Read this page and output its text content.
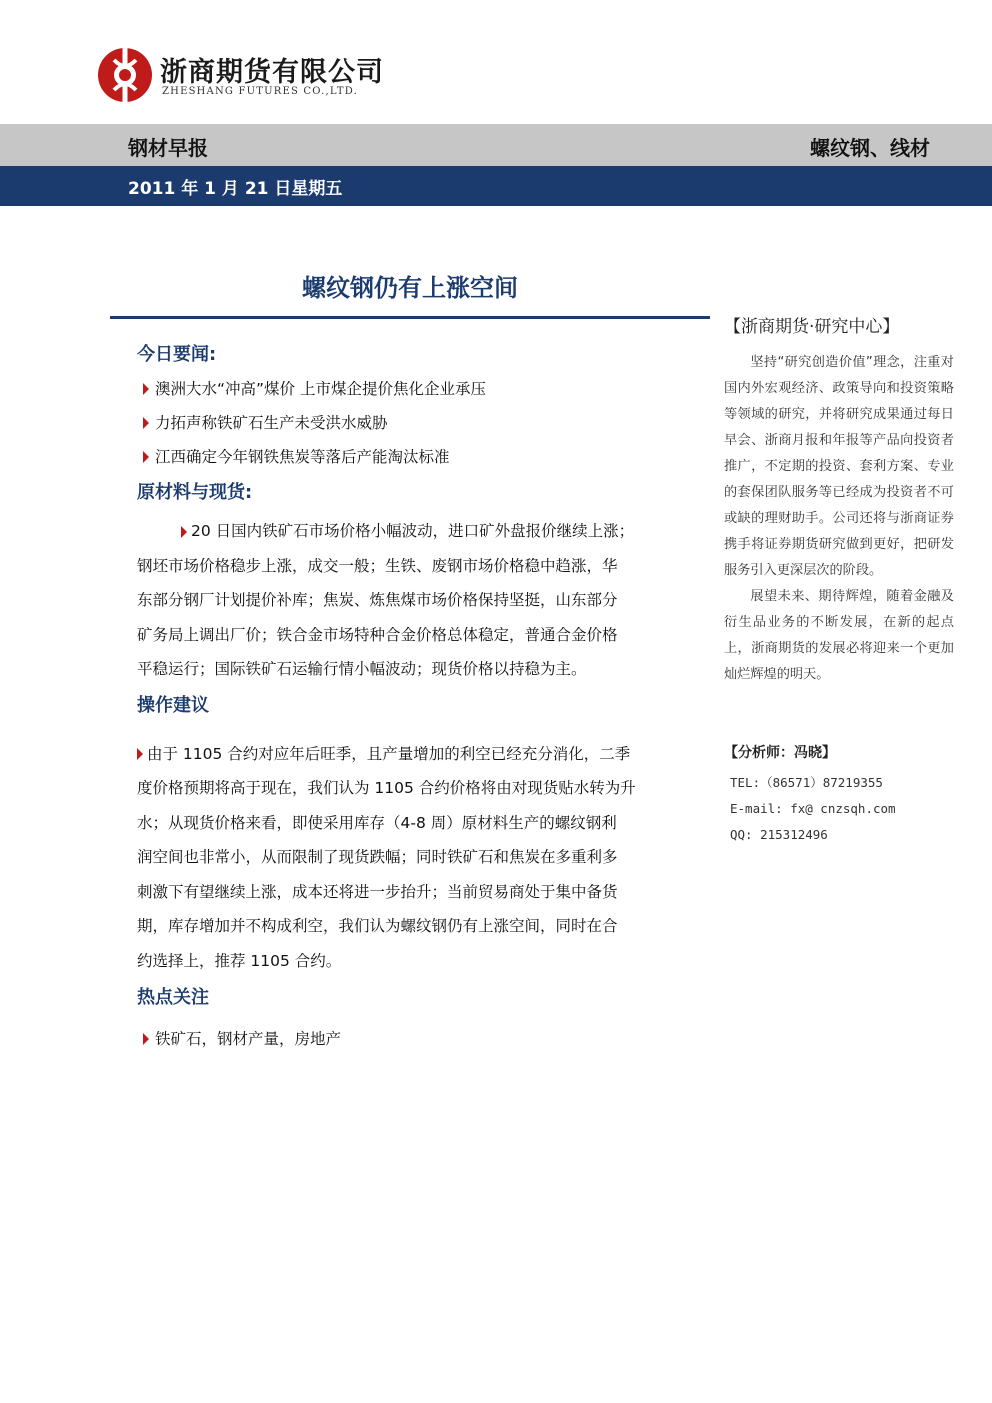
浙商期货有限公司
ZHESHANG FUTURES CO.,LTD.
钢材早报	螺纹钢、线材
2011 年 1 月 21 日星期五
螺纹钢仍有上涨空间
今日要闻:
澳洲大水“冲高”煤价 上市煤企提价焦化企业承压
力拓声称铁矿石生产未受洪水威胁
江西确定今年钢铁焦炭等落后产能淘汰标准
原材料与现货:
20 日国内铁矿石市场价格小幅波动，进口矿外盘报价继续上涨；
钢坯市场价格稳步上涨，成交一般；生铁、废钢市场价格稳中趋涨，华
东部分钢厂计划提价补库；焦炭、炼焦煤市场价格保持坚挺，山东部分
矿务局上调出厂价；铁合金市场特种合金价格总体稳定，普通合金价格
平稳运行；国际铁矿石运输行情小幅波动；现货价格以持稳为主。
操作建议
由于 1105 合约对应年后旺季，且产量增加的利空已经充分消化，二季
度价格预期将高于现在，我们认为 1105 合约价格将由对现货贴水转为升
水；从现货价格来看，即使采用库存（4-8 周）原材料生产的螺纹钢利
润空间也非常小，从而限制了现货跌幅；同时铁矿石和焦炭在多重利多
刺激下有望继续上涨，成本还将进一步抬升；当前贸易商处于集中备货
期，库存增加并不构成利空，我们认为螺纹钢仍有上涨空间，同时在合
约选择上，推荐 1105 合约。
热点关注
铁矿石，钢材产量，房地产
【浙商期货·研究中心】

坚持“研究创造价值”理念，注重对国内外宏观经济、政策导向和投资策略等领域的研究，并将研究成果通过每日早会、浙商月报和年报等产品向投资者推广，不定期的投资、套利方案、专业的套保团队服务等已经成为投资者不可或缺的理财助手。公司还将与浙商证券携手将证券期货研究做到更好，把研发服务引入更深层次的阶段。

展望未来、期待辉煌，随着金融及衍生品业务的不断发展，在新的起点上，浙商期货的发展必将迎来一个更加灿烂辉煌的明天。

【分析师：冯晓】
TEL:（86571）87219355
E-mail: fx@ cnzsqh.com
QQ: 215312496
